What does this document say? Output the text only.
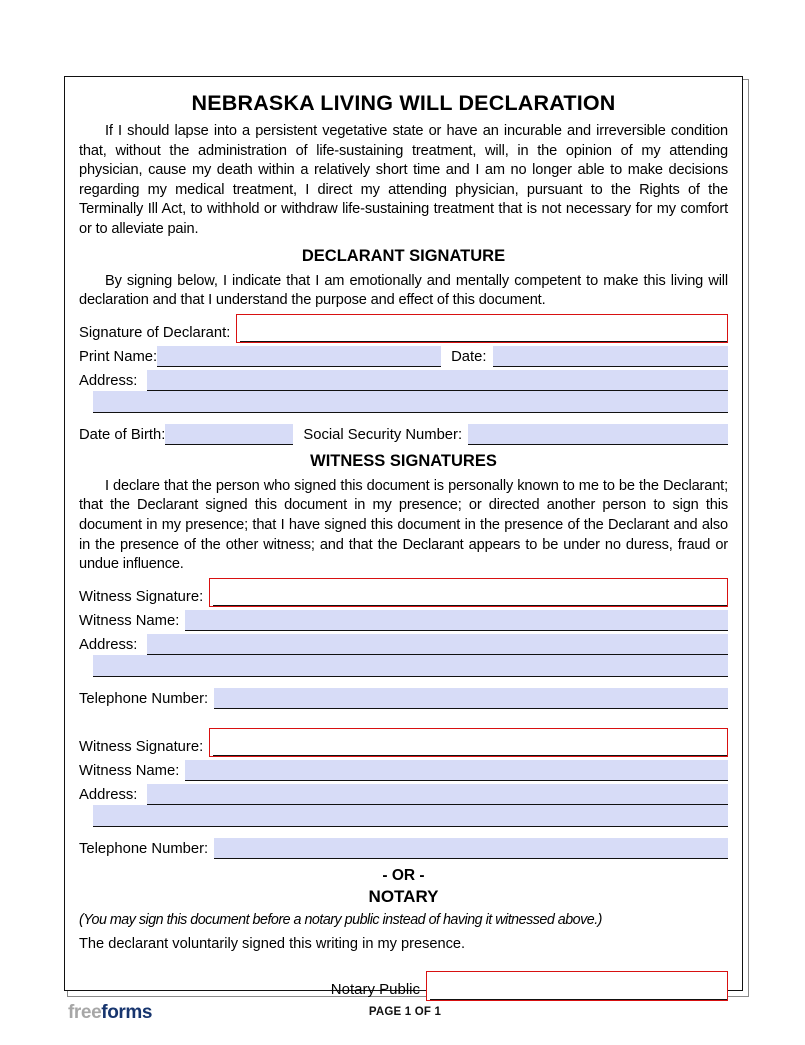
NEBRASKA LIVING WILL DECLARATION

If I should lapse into a persistent vegetative state or have an incurable and irreversible condition that, without the administration of life-sustaining treatment, will, in the opinion of my attending physician, cause my death within a relatively short time and I am no longer able to make decisions regarding my medical treatment, I direct my attending physician, pursuant to the Rights of the Terminally Ill Act, to withhold or withdraw life-sustaining treatment that is not necessary for my comfort or to alleviate pain.

DECLARANT SIGNATURE

By signing below, I indicate that I am emotionally and mentally competent to make this living will declaration and that I understand the purpose and effect of this document.

Signature of Declarant:
Print Name:	Date:
Address:
Date of Birth:	Social Security Number:
WITNESS SIGNATURES

I declare that the person who signed this document is personally known to me to be the Declarant; that the Declarant signed this document in my presence; or directed another person to sign this document in my presence; that I have signed this document in the presence of the Declarant and also in the presence of the other witness; and that the Declarant appears to be under no duress, fraud or undue influence.

Witness Signature:
Witness Name:
Address:
Telephone Number:
Witness Signature:
Witness Name:
Address:
Telephone Number:
- OR -
NOTARY
(You may sign this document before a notary public instead of having it witnessed above.)
The declarant voluntarily signed this writing in my presence.
Notary Public
freeforms	PAGE 1 OF 1
